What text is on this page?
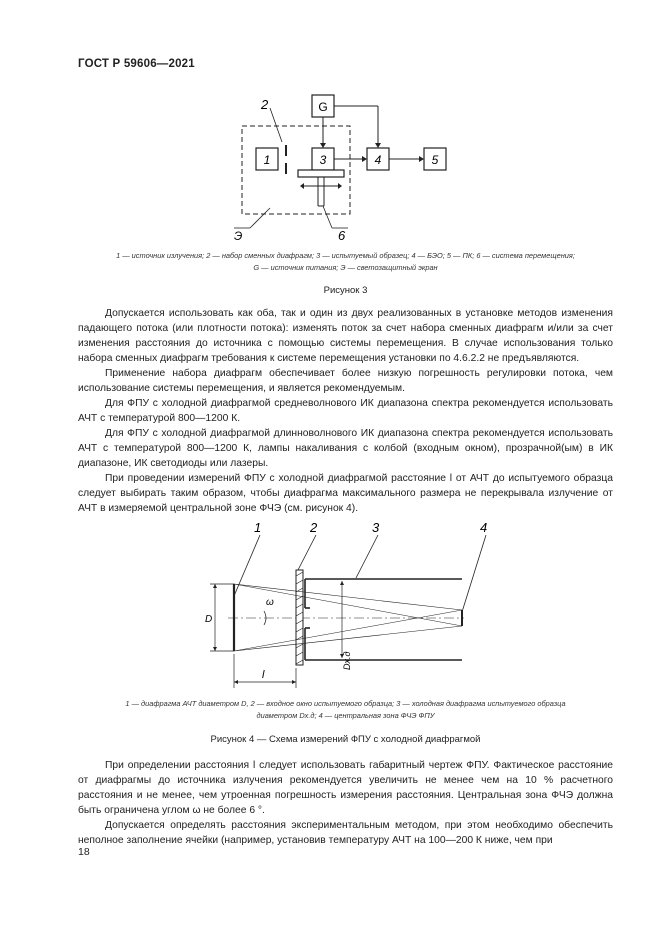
ГОСТ Р 59606—2021
G
1	3	4	5
2
6
Э
1 — источник излучения; 2 — набор сменных диафрагм; 3 — испытуемый образец; 4 — БЭО; 5 — ПК; 6 — система перемещения;
G — источник питания; Э — светозащитный экран
Рисунок 3

Допускается использовать как оба, так и один из двух реализованных в установке методов изменения падающего потока (или плотности потока): изменять поток за счет набора сменных диафрагм и/или за счет изменения расстояния до источника с помощью системы перемещения. В случае использования только набора сменных диафрагм требования к системе перемещения установки по 4.6.2.2 не предъявляются.

Применение набора диафрагм обеспечивает более низкую погрешность регулировки потока, чем использование системы перемещения, и является рекомендуемым.

Для ФПУ с холодной диафрагмой средневолнового ИК диапазона спектра рекомендуется использовать АЧТ с температурой 800—1200 К.

Для ФПУ с холодной диафрагмой длинноволнового ИК диапазона спектра рекомендуется использовать АЧТ с температурой 800—1200 К, лампы накаливания с колбой (входным окном), прозрачной(ым) в ИК диапазоне, ИК светодиоды или лазеры.

При проведении измерений ФПУ с холодной диафрагмой расстояние l от АЧТ до испытуемого образца следует выбирать таким образом, чтобы диафрагма максимального размера не перекрывала излучение от АЧТ в измеряемой центральной зоне ФЧЭ (см. рисунок 4).

1	2	3	4
D
ω
Dх.д
l
1 — диафрагма АЧТ диаметром D, 2 — входное окно испытуемого образца; 3 — холодная диафрагма испытуемого образца
диаметром Dх.д; 4 — центральная зона ФЧЭ ФПУ
Рисунок 4 — Схема измерений ФПУ с холодной диафрагмой

При определении расстояния l следует использовать габаритный чертеж ФПУ. Фактическое расстояние от диафрагмы до источника излучения рекомендуется увеличить не менее чем на 10 % расчетного расстояния и не менее, чем утроенная погрешность измерения расстояния. Центральная зона ФЧЭ должна быть ограничена углом ω не более 6 °.

Допускается определять расстояния экспериментальным методом, при этом необходимо обеспечить неполное заполнение ячейки (например, установив температуру АЧТ на 100—200 К ниже, чем при

18
